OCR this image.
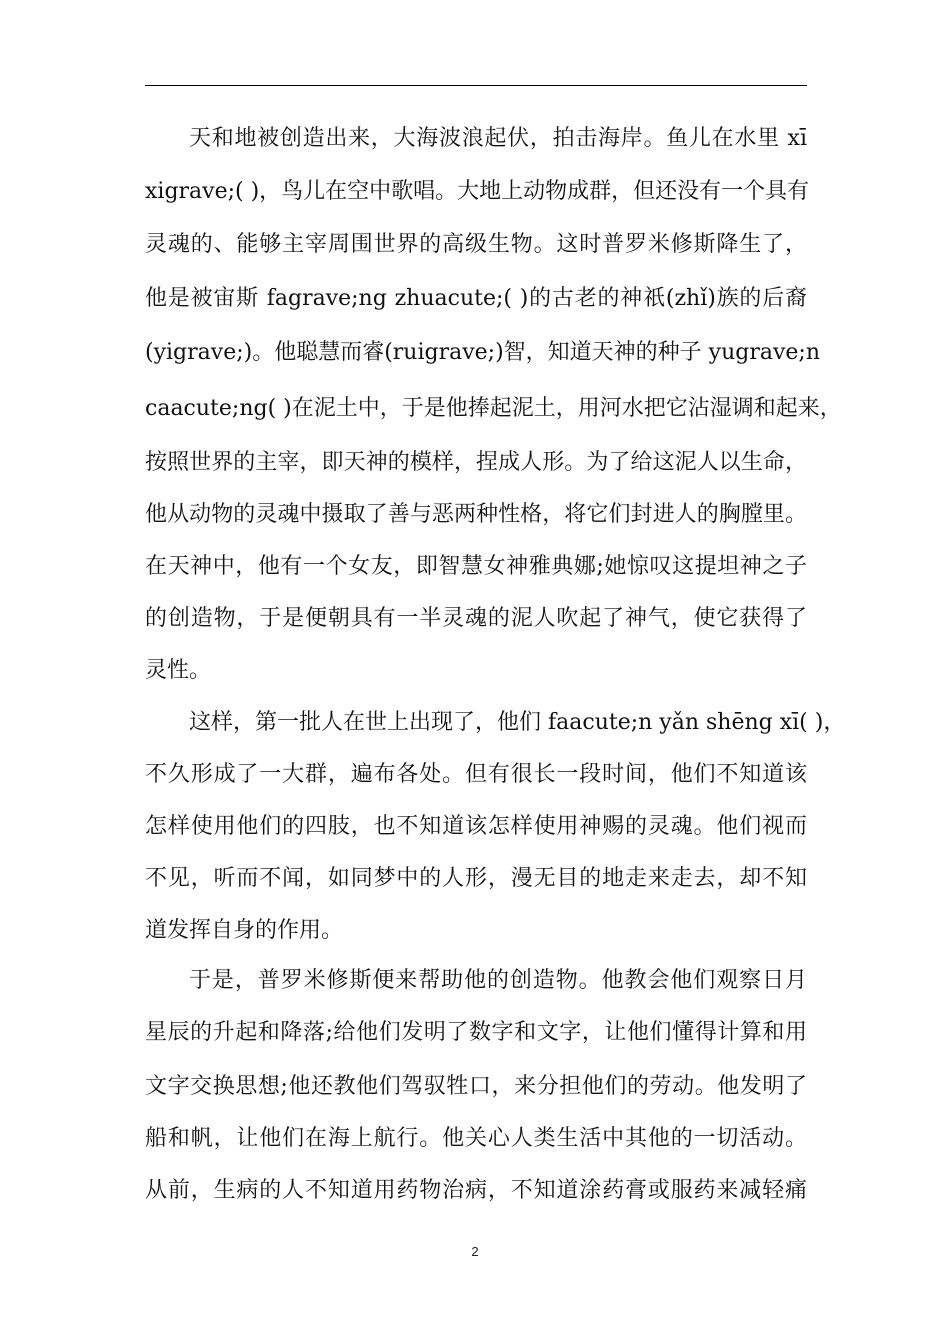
天和地被创造出来，大海波浪起伏，拍击海岸。鱼儿在水里 xī
xigrave;( )，鸟儿在空中歌唱。大地上动物成群，但还没有一个具有
灵魂的、能够主宰周围世界的高级生物。这时普罗米修斯降生了，
他是被宙斯 fagrave;ng zhuacute;( )的古老的神祇(zhǐ)族的后裔
(yigrave;)。他聪慧而睿(ruigrave;)智，知道天神的种子 yugrave;n
caacute;ng( )在泥土中，于是他捧起泥土，用河水把它沾湿调和起来，
按照世界的主宰，即天神的模样，捏成人形。为了给这泥人以生命，
他从动物的灵魂中摄取了善与恶两种性格，将它们封进人的胸膛里。
在天神中，他有一个女友，即智慧女神雅典娜;她惊叹这提坦神之子
的创造物，于是便朝具有一半灵魂的泥人吹起了神气，使它获得了
灵性。
这样，第一批人在世上出现了，他们 faacute;n yǎn shēng xī( )，
不久形成了一大群，遍布各处。但有很长一段时间，他们不知道该
怎样使用他们的四肢，也不知道该怎样使用神赐的灵魂。他们视而
不见，听而不闻，如同梦中的人形，漫无目的地走来走去，却不知
道发挥自身的作用。
于是，普罗米修斯便来帮助他的创造物。他教会他们观察日月
星辰的升起和降落;给他们发明了数字和文字，让他们懂得计算和用
文字交换思想;他还教他们驾驭牲口，来分担他们的劳动。他发明了
船和帆，让他们在海上航行。他关心人类生活中其他的一切活动。
从前，生病的人不知道用药物治病，不知道涂药膏或服药来减轻痛
2
